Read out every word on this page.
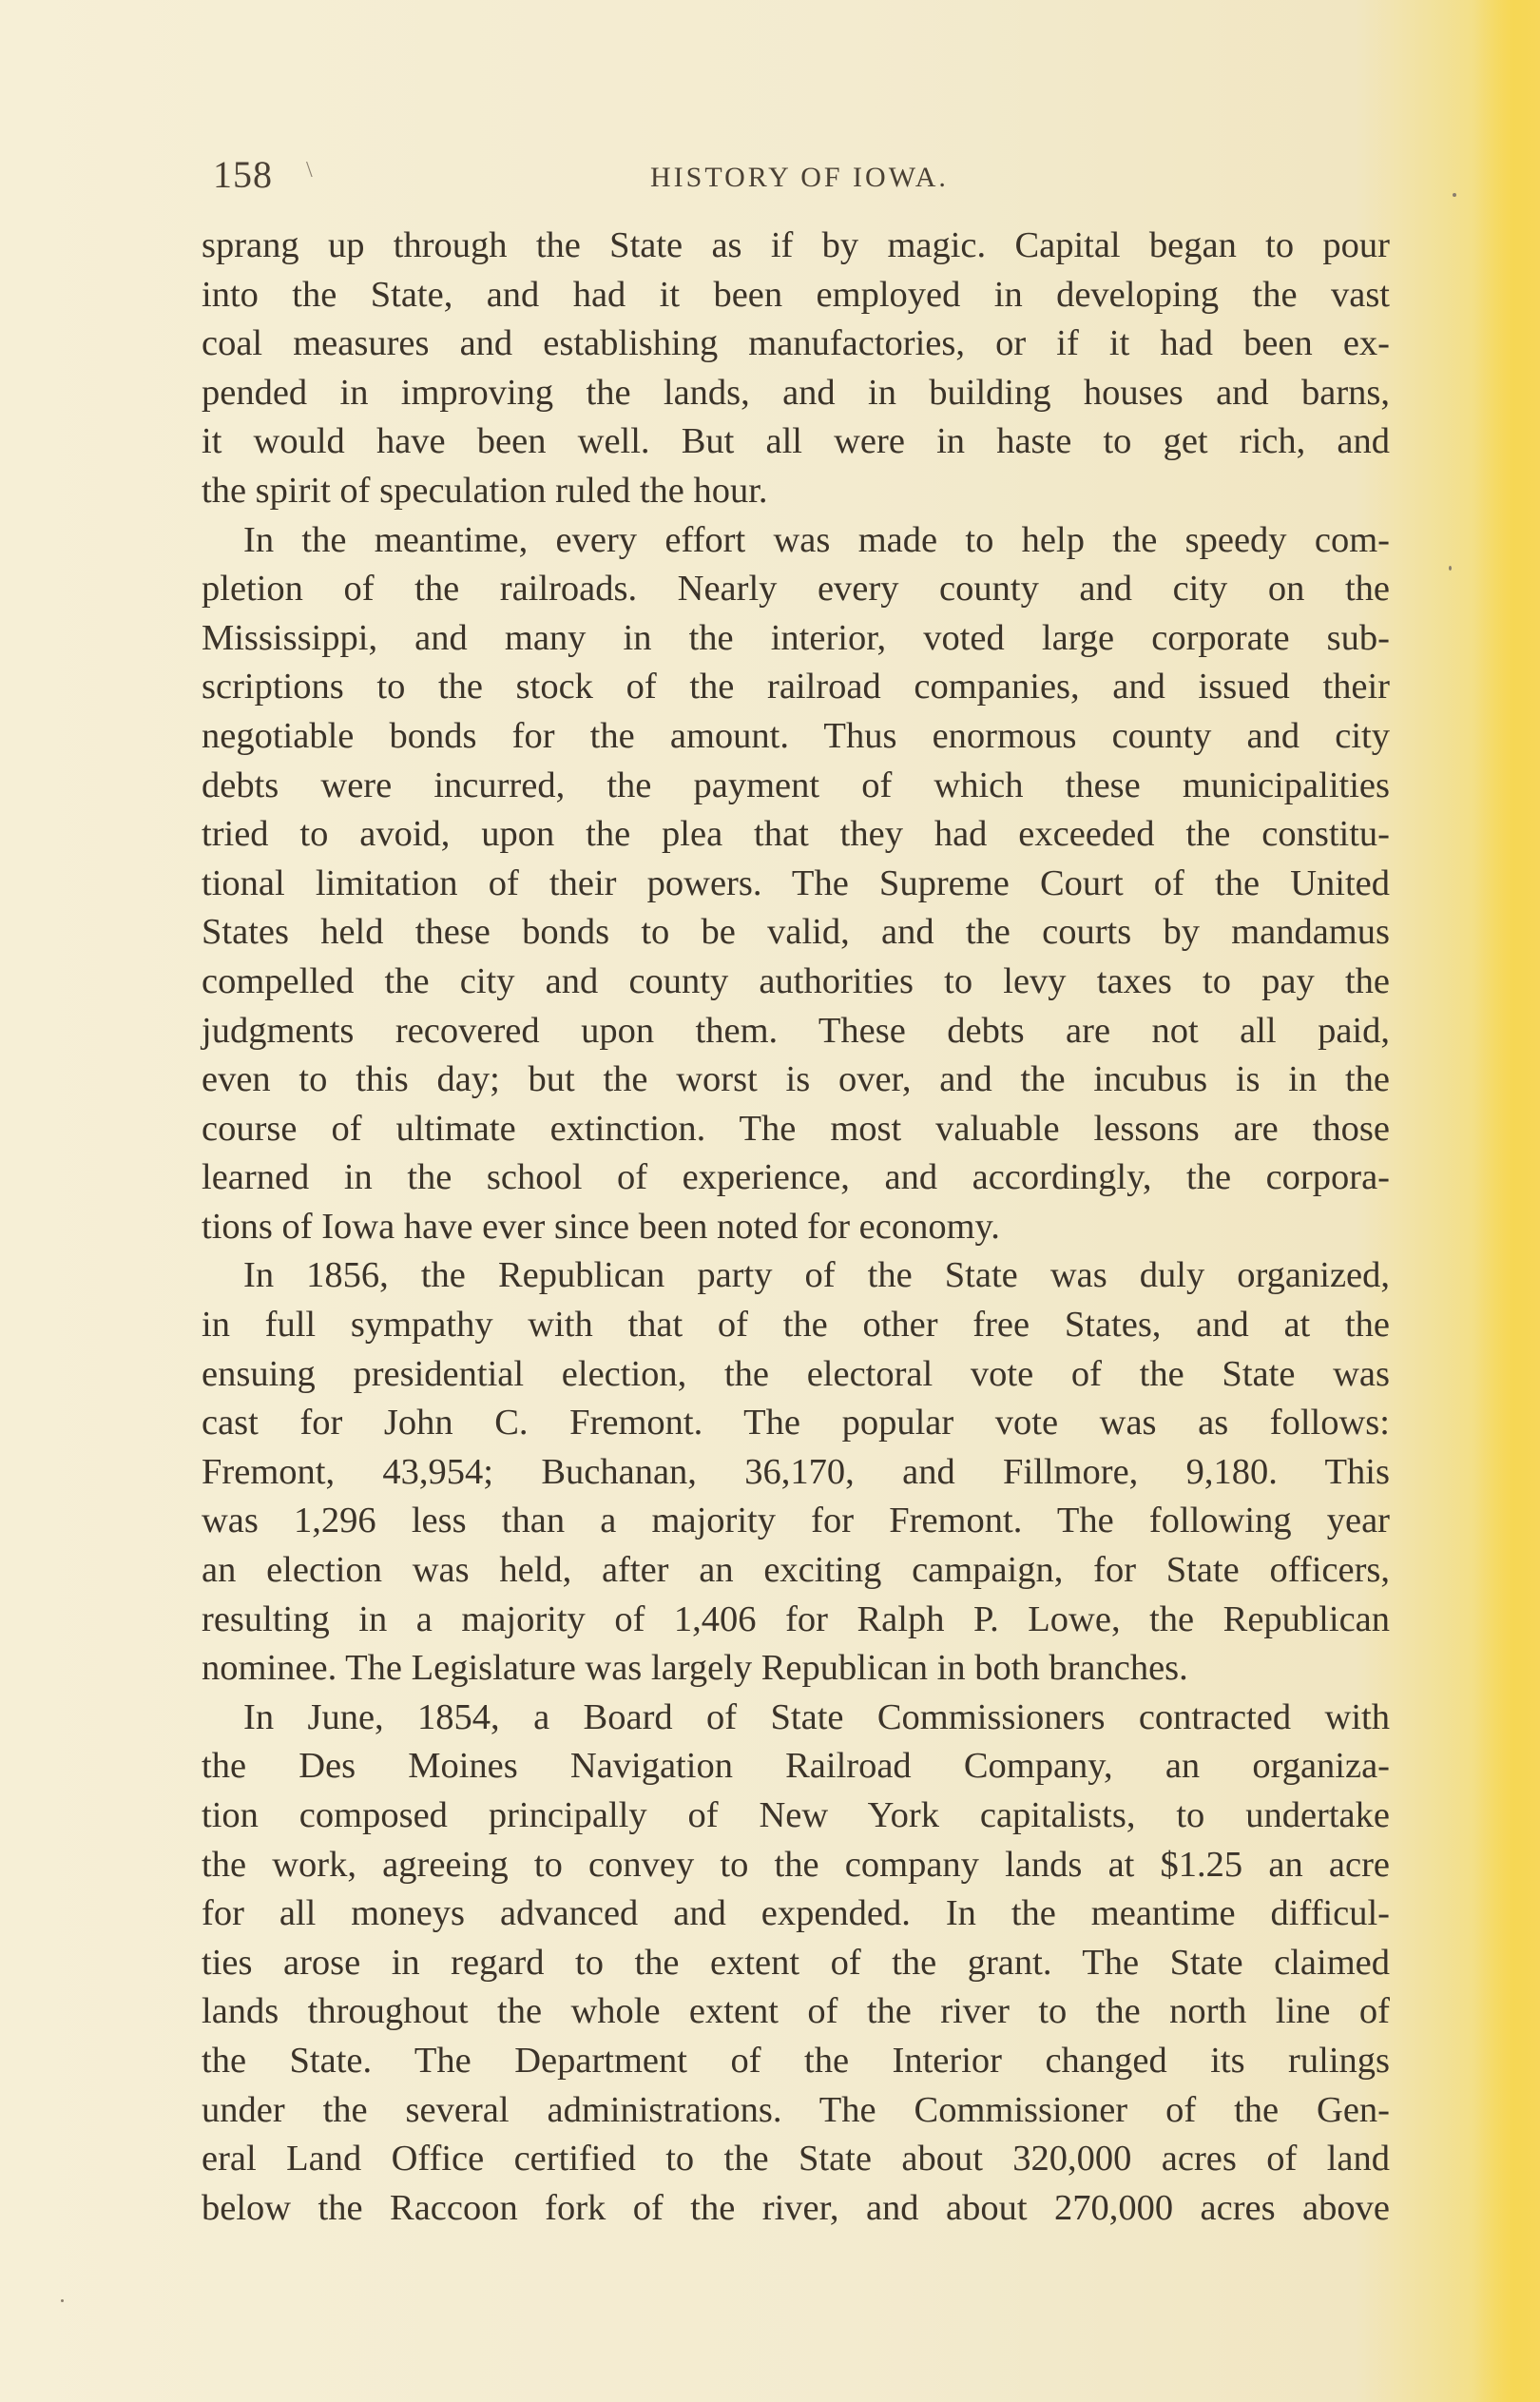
158 \	HISTORY OF IOWA.
sprang up through the State as if by magic. Capital began to pour
into the State, and had it been employed in developing the vast
coal measures and establishing manufactories, or if it had been ex-
pended in improving the lands, and in building houses and barns,
it would have been well. But all were in haste to get rich, and
the spirit of speculation ruled the hour.
In the meantime, every effort was made to help the speedy com-
pletion of the railroads. Nearly every county and city on the
Mississippi, and many in the interior, voted large corporate sub-
scriptions to the stock of the railroad companies, and issued their
negotiable bonds for the amount. Thus enormous county and city
debts were incurred, the payment of which these municipalities
tried to avoid, upon the plea that they had exceeded the constitu-
tional limitation of their powers. The Supreme Court of the United
States held these bonds to be valid, and the courts by mandamus
compelled the city and county authorities to levy taxes to pay the
judgments recovered upon them. These debts are not all paid,
even to this day; but the worst is over, and the incubus is in the
course of ultimate extinction. The most valuable lessons are those
learned in the school of experience, and accordingly, the corpora-
tions of Iowa have ever since been noted for economy.
In 1856, the Republican party of the State was duly organized,
in full sympathy with that of the other free States, and at the
ensuing presidential election, the electoral vote of the State was
cast for John C. Fremont. The popular vote was as follows:
Fremont, 43,954; Buchanan, 36,170, and Fillmore, 9,180. This
was 1,296 less than a majority for Fremont. The following year
an election was held, after an exciting campaign, for State officers,
resulting in a majority of 1,406 for Ralph P. Lowe, the Republican
nominee. The Legislature was largely Republican in both branches.
In June, 1854, a Board of State Commissioners contracted with
the Des Moines Navigation Railroad Company, an organiza-
tion composed principally of New York capitalists, to undertake
the work, agreeing to convey to the company lands at $1.25 an acre
for all moneys advanced and expended. In the meantime difficul-
ties arose in regard to the extent of the grant. The State claimed
lands throughout the whole extent of the river to the north line of
the State. The Department of the Interior changed its rulings
under the several administrations. The Commissioner of the Gen-
eral Land Office certified to the State about 320,000 acres of land
below the Raccoon fork of the river, and about 270,000 acres above
